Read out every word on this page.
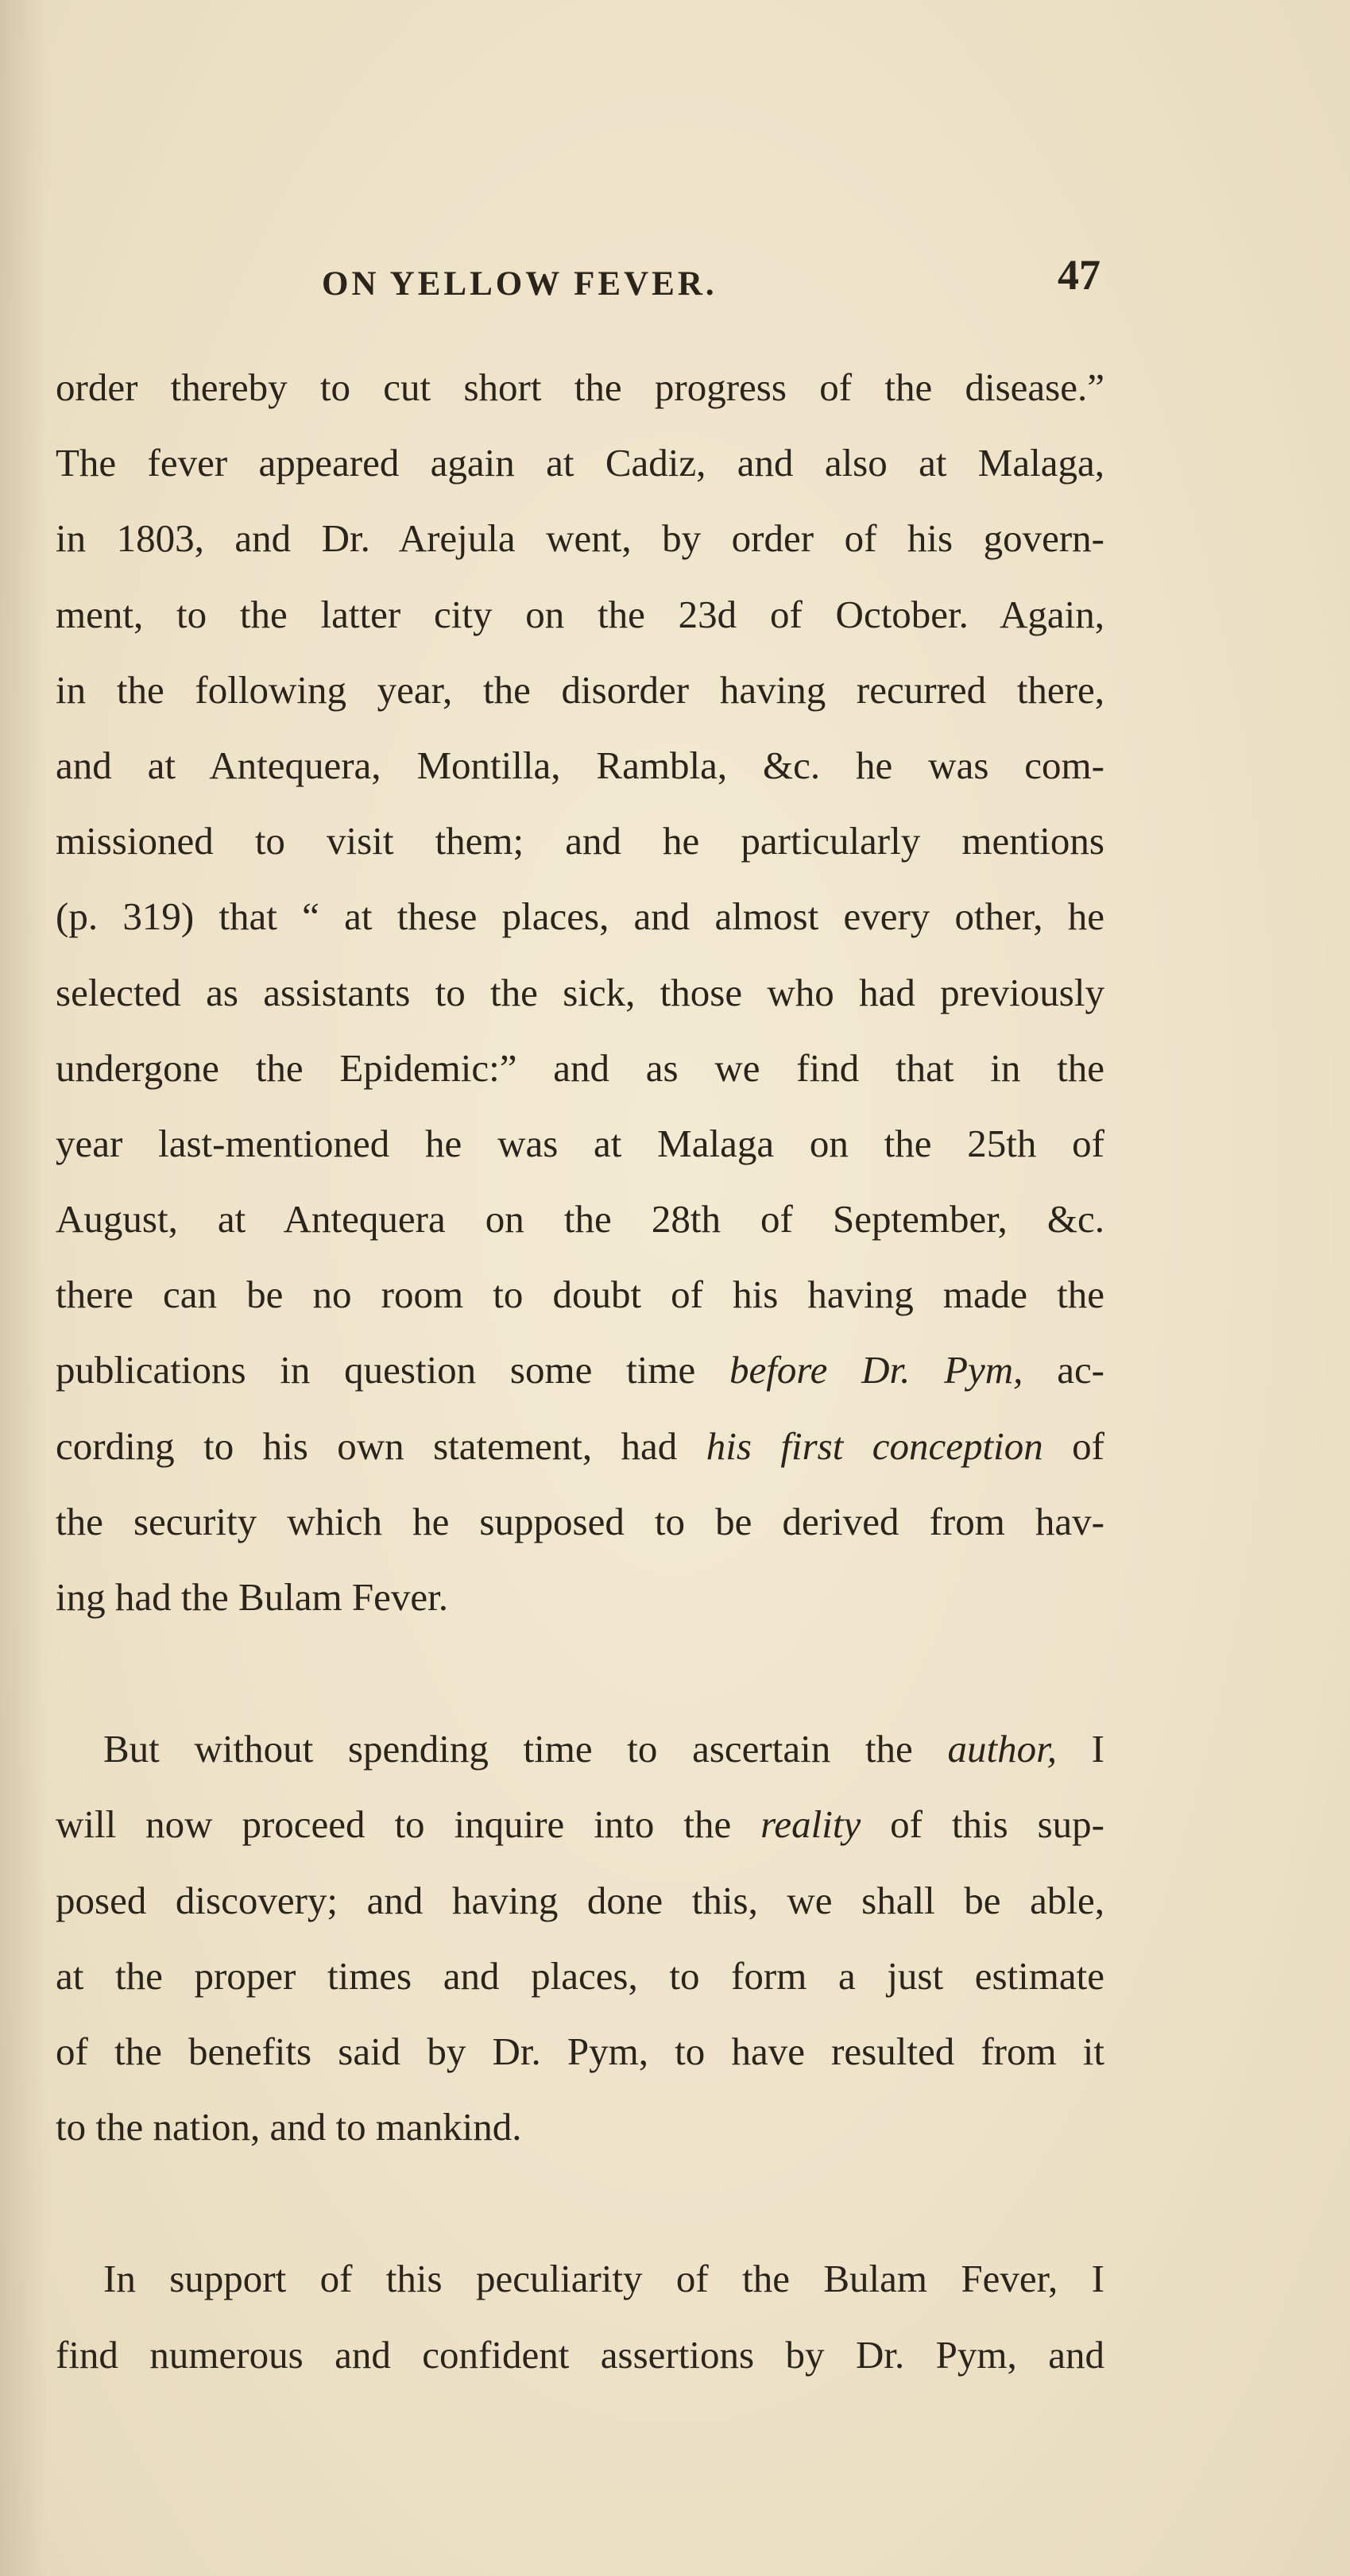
ON YELLOW FEVER.	47
order thereby to cut short the progress of the disease.”
The fever appeared again at Cadiz, and also at Malaga,
in 1803, and Dr. Arejula went, by order of his govern-
ment, to the latter city on the 23d of October. Again,
in the following year, the disorder having recurred there,
and at Antequera, Montilla, Rambla, &c. he was com-
missioned to visit them; and he particularly mentions
(p. 319) that “ at these places, and almost every other, he
selected as assistants to the sick, those who had previously
undergone the Epidemic:” and as we find that in the
year last-mentioned he was at Malaga on the 25th of
August, at Antequera on the 28th of September, &c.
there can be no room to doubt of his having made the
publications in question some time before Dr. Pym, ac-
cording to his own statement, had his first conception of
the security which he supposed to be derived from hav-
ing had the Bulam Fever.
But without spending time to ascertain the author, I
will now proceed to inquire into the reality of this sup-
posed discovery; and having done this, we shall be able,
at the proper times and places, to form a just estimate
of the benefits said by Dr. Pym, to have resulted from it
to the nation, and to mankind.
In support of this peculiarity of the Bulam Fever, I
find numerous and confident assertions by Dr. Pym, and
